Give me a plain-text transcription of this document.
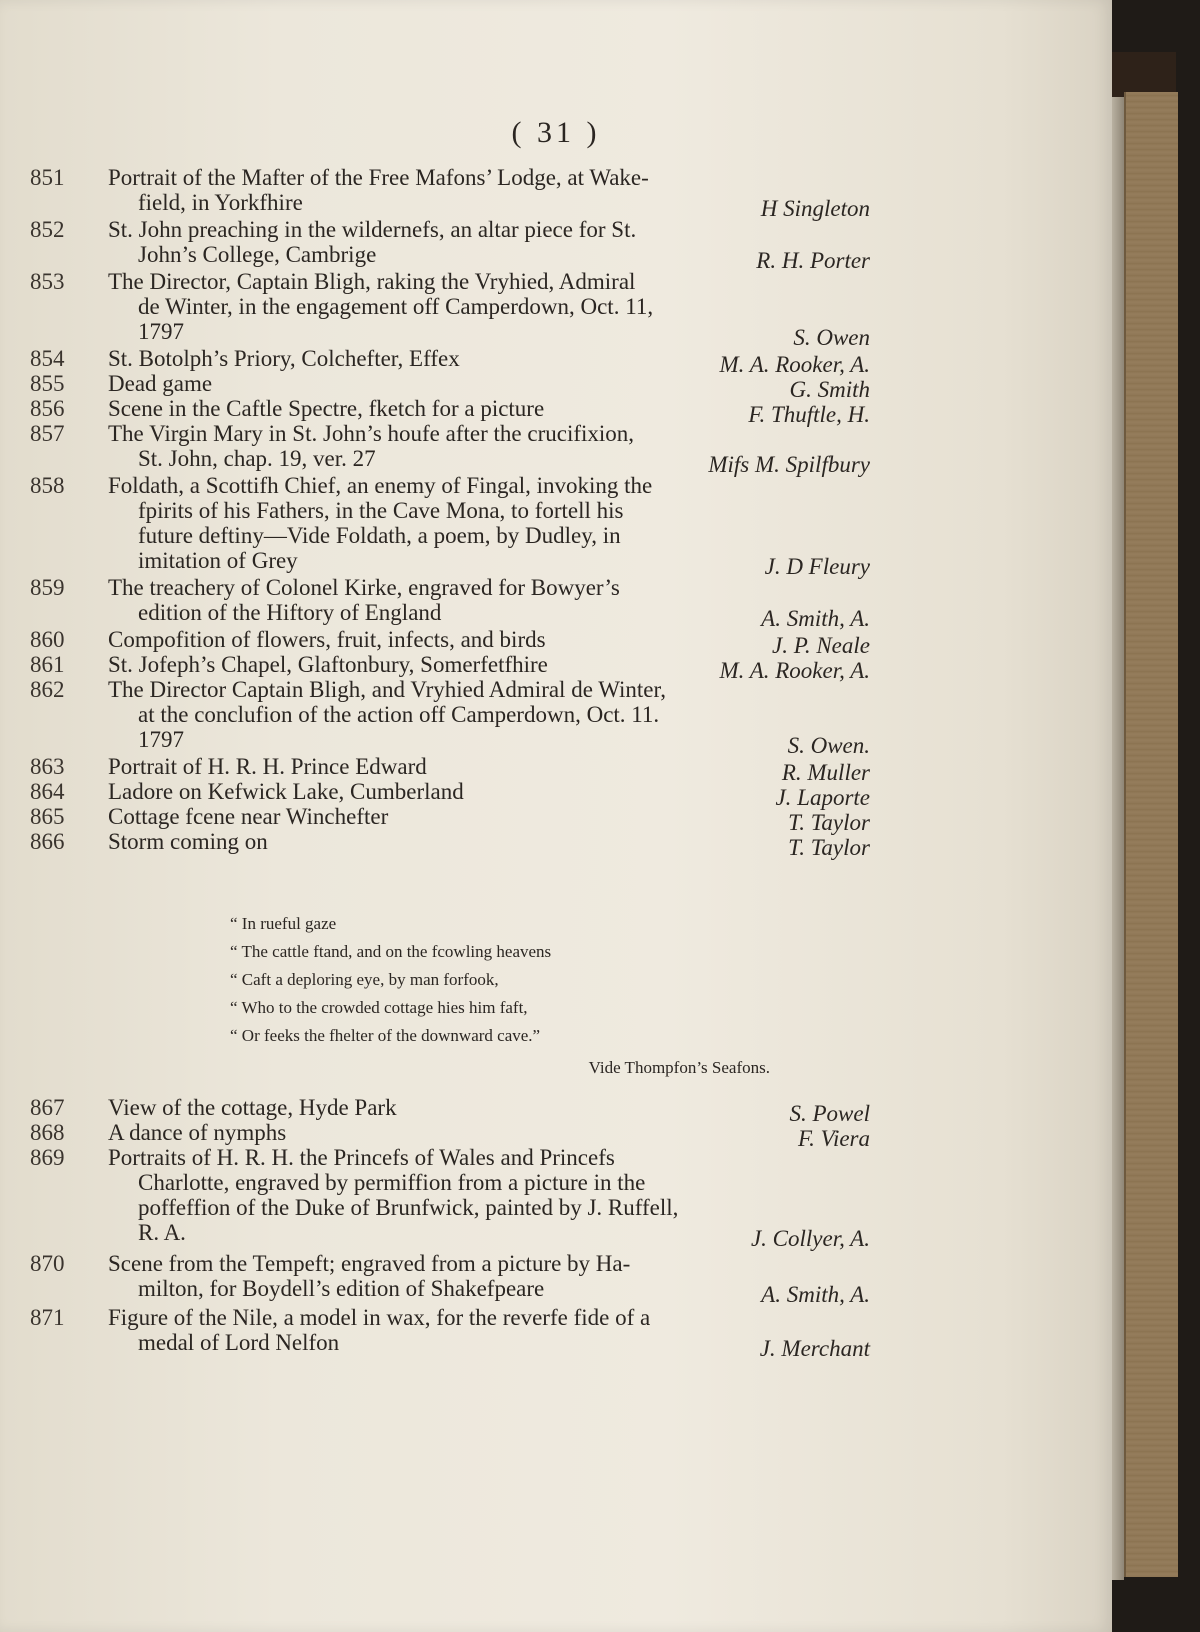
( 31 )
851	Portrait of the Mafter of the Free Mafons’ Lodge, at Wake-
field, in Yorkfhire	H Singleton
852	St. John preaching in the wildernefs, an altar piece for St.
John’s College, Cambrige	R. H. Porter
853	The Director, Captain Bligh, raking the Vryhied, Admiral
de Winter, in the engagement off Camperdown, Oct. 11,
1797	S. Owen
854	St. Botolph’s Priory, Colchefter, Effex	M. A. Rooker, A.
855	Dead game	G. Smith
856	Scene in the Caftle Spectre, fketch for a picture	F. Thuftle, H.
857	The Virgin Mary in St. John’s houfe after the crucifixion,
St. John, chap. 19, ver. 27	Mifs M. Spilfbury
858	Foldath, a Scottifh Chief, an enemy of Fingal, invoking the
fpirits of his Fathers, in the Cave Mona, to fortell his
future deftiny—Vide Foldath, a poem, by Dudley, in
imitation of Grey	J. D Fleury
859	The treachery of Colonel Kirke, engraved for Bowyer’s
edition of the Hiftory of England	A. Smith, A.
860	Compofition of flowers, fruit, infects, and birds	J. P. Neale
861	St. Jofeph’s Chapel, Glaftonbury, Somerfetfhire	M. A. Rooker, A.
862	The Director Captain Bligh, and Vryhied Admiral de Winter,
at the conclufion of the action off Camperdown, Oct. 11.
1797	S. Owen.
863	Portrait of H. R. H. Prince Edward	R. Muller
864	Ladore on Kefwick Lake, Cumberland	J. Laporte
865	Cottage fcene near Winchefter	T. Taylor
866	Storm coming on	T. Taylor
“ In rueful gaze
“ The cattle ftand, and on the fcowling heavens
“ Caft a deploring eye, by man forfook,
“ Who to the crowded cottage hies him faft,
“ Or feeks the fhelter of the downward cave.”
Vide Thompfon’s Seafons.
867	View of the cottage, Hyde Park	S. Powel
868	A dance of nymphs	F. Viera
869	Portraits of H. R. H. the Princefs of Wales and Princefs
Charlotte, engraved by permiffion from a picture in the
poffeffion of the Duke of Brunfwick, painted by J. Ruffell,
R. A.	J. Collyer, A.
870	Scene from the Tempeft; engraved from a picture by Ha-
milton, for Boydell’s edition of Shakefpeare	A. Smith, A.
871	Figure of the Nile, a model in wax, for the reverfe fide of a
medal of Lord Nelfon	J. Merchant
